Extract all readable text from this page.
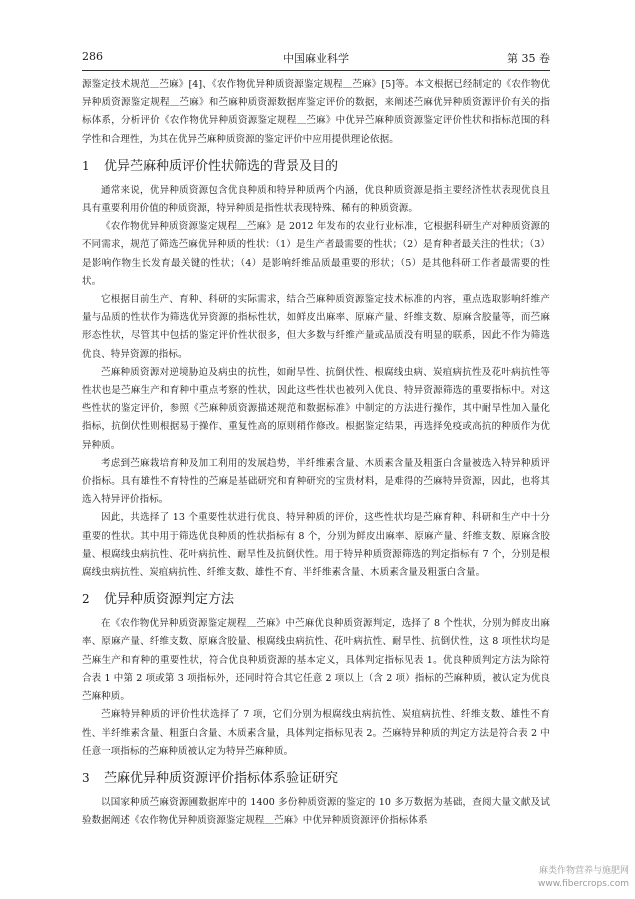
286	中国麻业科学	第 35 卷

源鉴定技术规范＿苎麻》[4]、《农作物优异种质资源鉴定规程＿苎麻》[5]等。本文根据已经制定的《农作物优异种质资源鉴定规程＿苎麻》和苎麻种质资源数据库鉴定评价的数据，来阐述苎麻优异种质资源评价有关的指标体系，分析评价《农作物优异种质资源鉴定规程＿苎麻》中优异苎麻种质资源鉴定评价性状和指标范围的科学性和合理性，为其在优异苎麻种质资源的鉴定评价中应用提供理论依据。

1 优异苎麻种质评价性状筛选的背景及目的

通常来说，优异种质资源包含优良种质和特异种质两个内涵，优良种质资源是指主要经济性状表现优良且具有重要利用价值的种质资源，特异种质是指性状表现特殊、稀有的种质资源。

《农作物优异种质资源鉴定规程＿苎麻》是 2012 年发布的农业行业标准，它根据科研生产对种质资源的不同需求，规范了筛选苎麻优异种质的性状：（1）是生产者最需要的性状；（2）是育种者最关注的性状；（3）是影响作物生长发育最关键的性状；（4）是影响纤维品质最重要的形状；（5）是其他科研工作者最需要的性状。

它根据目前生产、育种、科研的实际需求，结合苎麻种质资源鉴定技术标准的内容，重点选取影响纤维产量与品质的性状作为筛选优异资源的指标性状，如鲜皮出麻率、原麻产量、纤维支数、原麻含胶量等，而苎麻形态性状，尽管其中包括的鉴定评价性状很多，但大多数与纤维产量或品质没有明显的联系，因此不作为筛选优良、特异资源的指标。

苎麻种质资源对逆境胁迫及病虫的抗性，如耐旱性、抗倒伏性、根腐线虫病、炭疽病抗性及花叶病抗性等性状也是苎麻生产和育种中重点考察的性状，因此这些性状也被列入优良、特异资源筛选的重要指标中。对这些性状的鉴定评价，参照《苎麻种质资源描述规范和数据标准》中制定的方法进行操作，其中耐旱性加入量化指标，抗倒伏性则根据易于操作、重复性高的原则稍作修改。根据鉴定结果，再选择免疫或高抗的种质作为优异种质。

考虑到苎麻栽培育种及加工利用的发展趋势，半纤维素含量、木质素含量及粗蛋白含量被选入特异种质评价指标。具有雄性不育特性的苎麻是基础研究和育种研究的宝贵材料，是难得的苎麻特异资源，因此，也将其选入特异评价指标。

因此，共选择了 13 个重要性状进行优良、特异种质的评价，这些性状均是苎麻育种、科研和生产中十分重要的性状。其中用于筛选优良种质的性状指标有 8 个，分别为鲜皮出麻率、原麻产量、纤维支数、原麻含胶量、根腐线虫病抗性、花叶病抗性、耐旱性及抗倒伏性。用于特异种质资源筛选的判定指标有 7 个，分别是根腐线虫病抗性、炭疽病抗性、纤维支数、雄性不育、半纤维素含量、木质素含量及粗蛋白含量。

2 优异种质资源判定方法

在《农作物优异种质资源鉴定规程＿苎麻》中苎麻优良种质资源判定，选择了 8 个性状，分别为鲜皮出麻率、原麻产量、纤维支数、原麻含胶量、根腐线虫病抗性、花叶病抗性、耐旱性、抗倒伏性，这 8 项性状均是苎麻生产和育种的重要性状，符合优良种质资源的基本定义，具体判定指标见表 1。优良种质判定方法为除符合表 1 中第 2 项或第 3 项指标外，还同时符合其它任意 2 项以上（含 2 项）指标的苎麻种质，被认定为优良苎麻种质。

苎麻特异种质的评价性状选择了 7 项，它们分别为根腐线虫病抗性、炭疽病抗性、纤维支数、雄性不育性、半纤维素含量、粗蛋白含量、木质素含量，具体判定指标见表 2。苎麻特异种质的判定方法是符合表 2 中任意一项指标的苎麻种质被认定为特异苎麻种质。

3 苎麻优异种质资源评价指标体系验证研究

以国家种质苎麻资源圃数据库中的 1400 多份种质资源的鉴定的 10 多万数据为基础，查阅大量文献及试验数据阐述《农作物优异种质资源鉴定规程＿苎麻》中优异种质资源评价指标体系

麻类作物营养与施肥网
www.fibercrops.com
